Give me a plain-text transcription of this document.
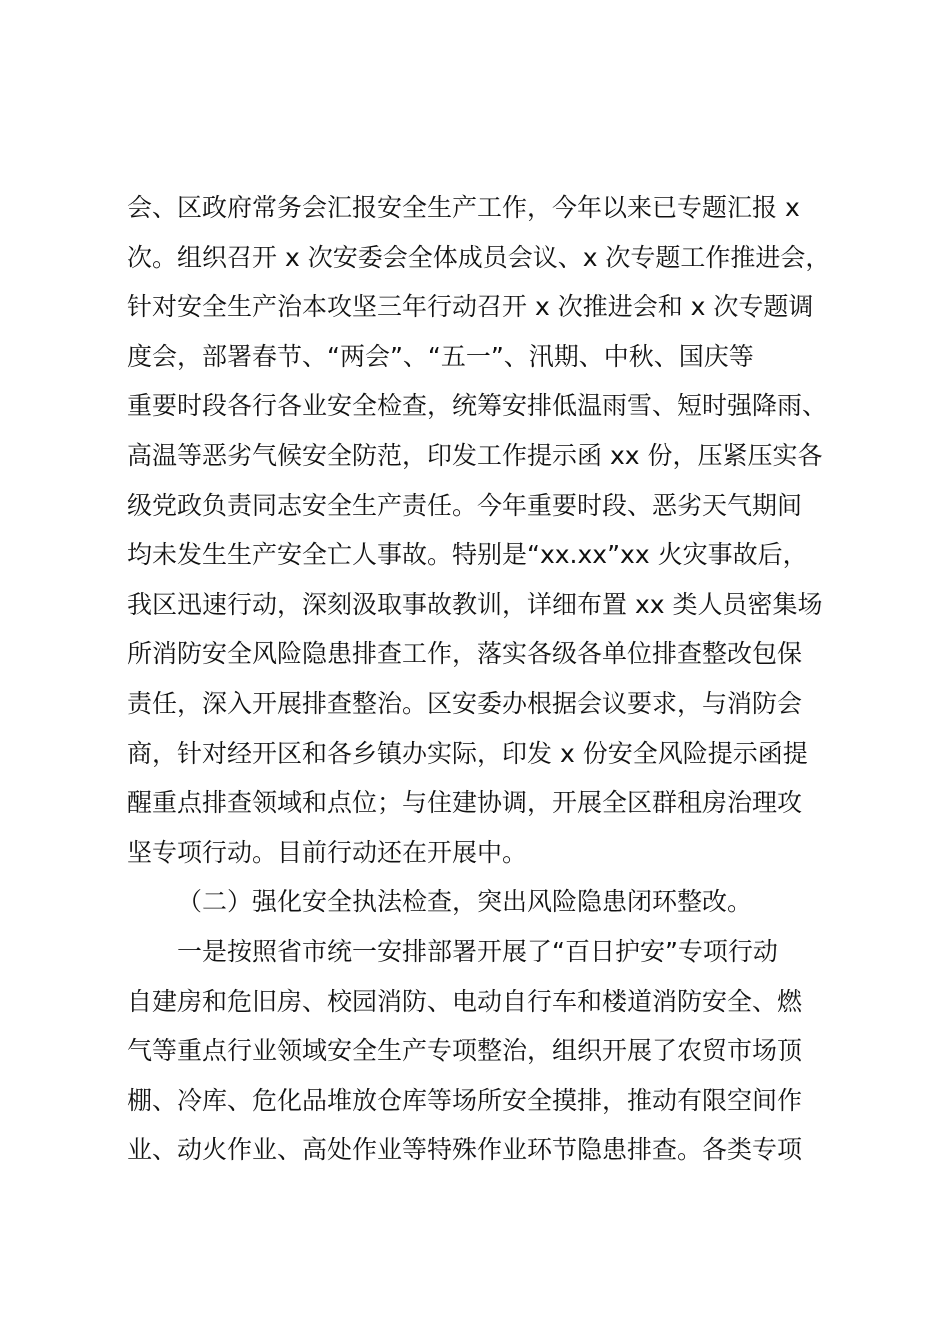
会、区政府常务会汇报安全生产工作，今年以来已专题汇报 x
次。组织召开 x 次安委会全体成员会议、x 次专题工作推进会，
针对安全生产治本攻坚三年行动召开 x 次推进会和 x 次专题调
度会，部署春节、“两会”、“五一”、汛期、中秋、国庆等
重要时段各行各业安全检查，统筹安排低温雨雪、短时强降雨、
高温等恶劣气候安全防范，印发工作提示函 xx 份，压紧压实各
级党政负责同志安全生产责任。今年重要时段、恶劣天气期间
均未发生生产安全亡人事故。特别是“xx.xx”xx 火灾事故后，
我区迅速行动，深刻汲取事故教训，详细布置 xx 类人员密集场
所消防安全风险隐患排查工作，落实各级各单位排查整改包保
责任，深入开展排查整治。区安委办根据会议要求，与消防会
商，针对经开区和各乡镇办实际，印发 x 份安全风险提示函提
醒重点排查领域和点位；与住建协调，开展全区群租房治理攻
坚专项行动。目前行动还在开展中。
（二）强化安全执法检查，突出风险隐患闭环整改。
一是按照省市统一安排部署开展了“百日护安”专项行动
自建房和危旧房、校园消防、电动自行车和楼道消防安全、燃
气等重点行业领域安全生产专项整治，组织开展了农贸市场顶
棚、冷库、危化品堆放仓库等场所安全摸排，推动有限空间作
业、动火作业、高处作业等特殊作业环节隐患排查。各类专项
